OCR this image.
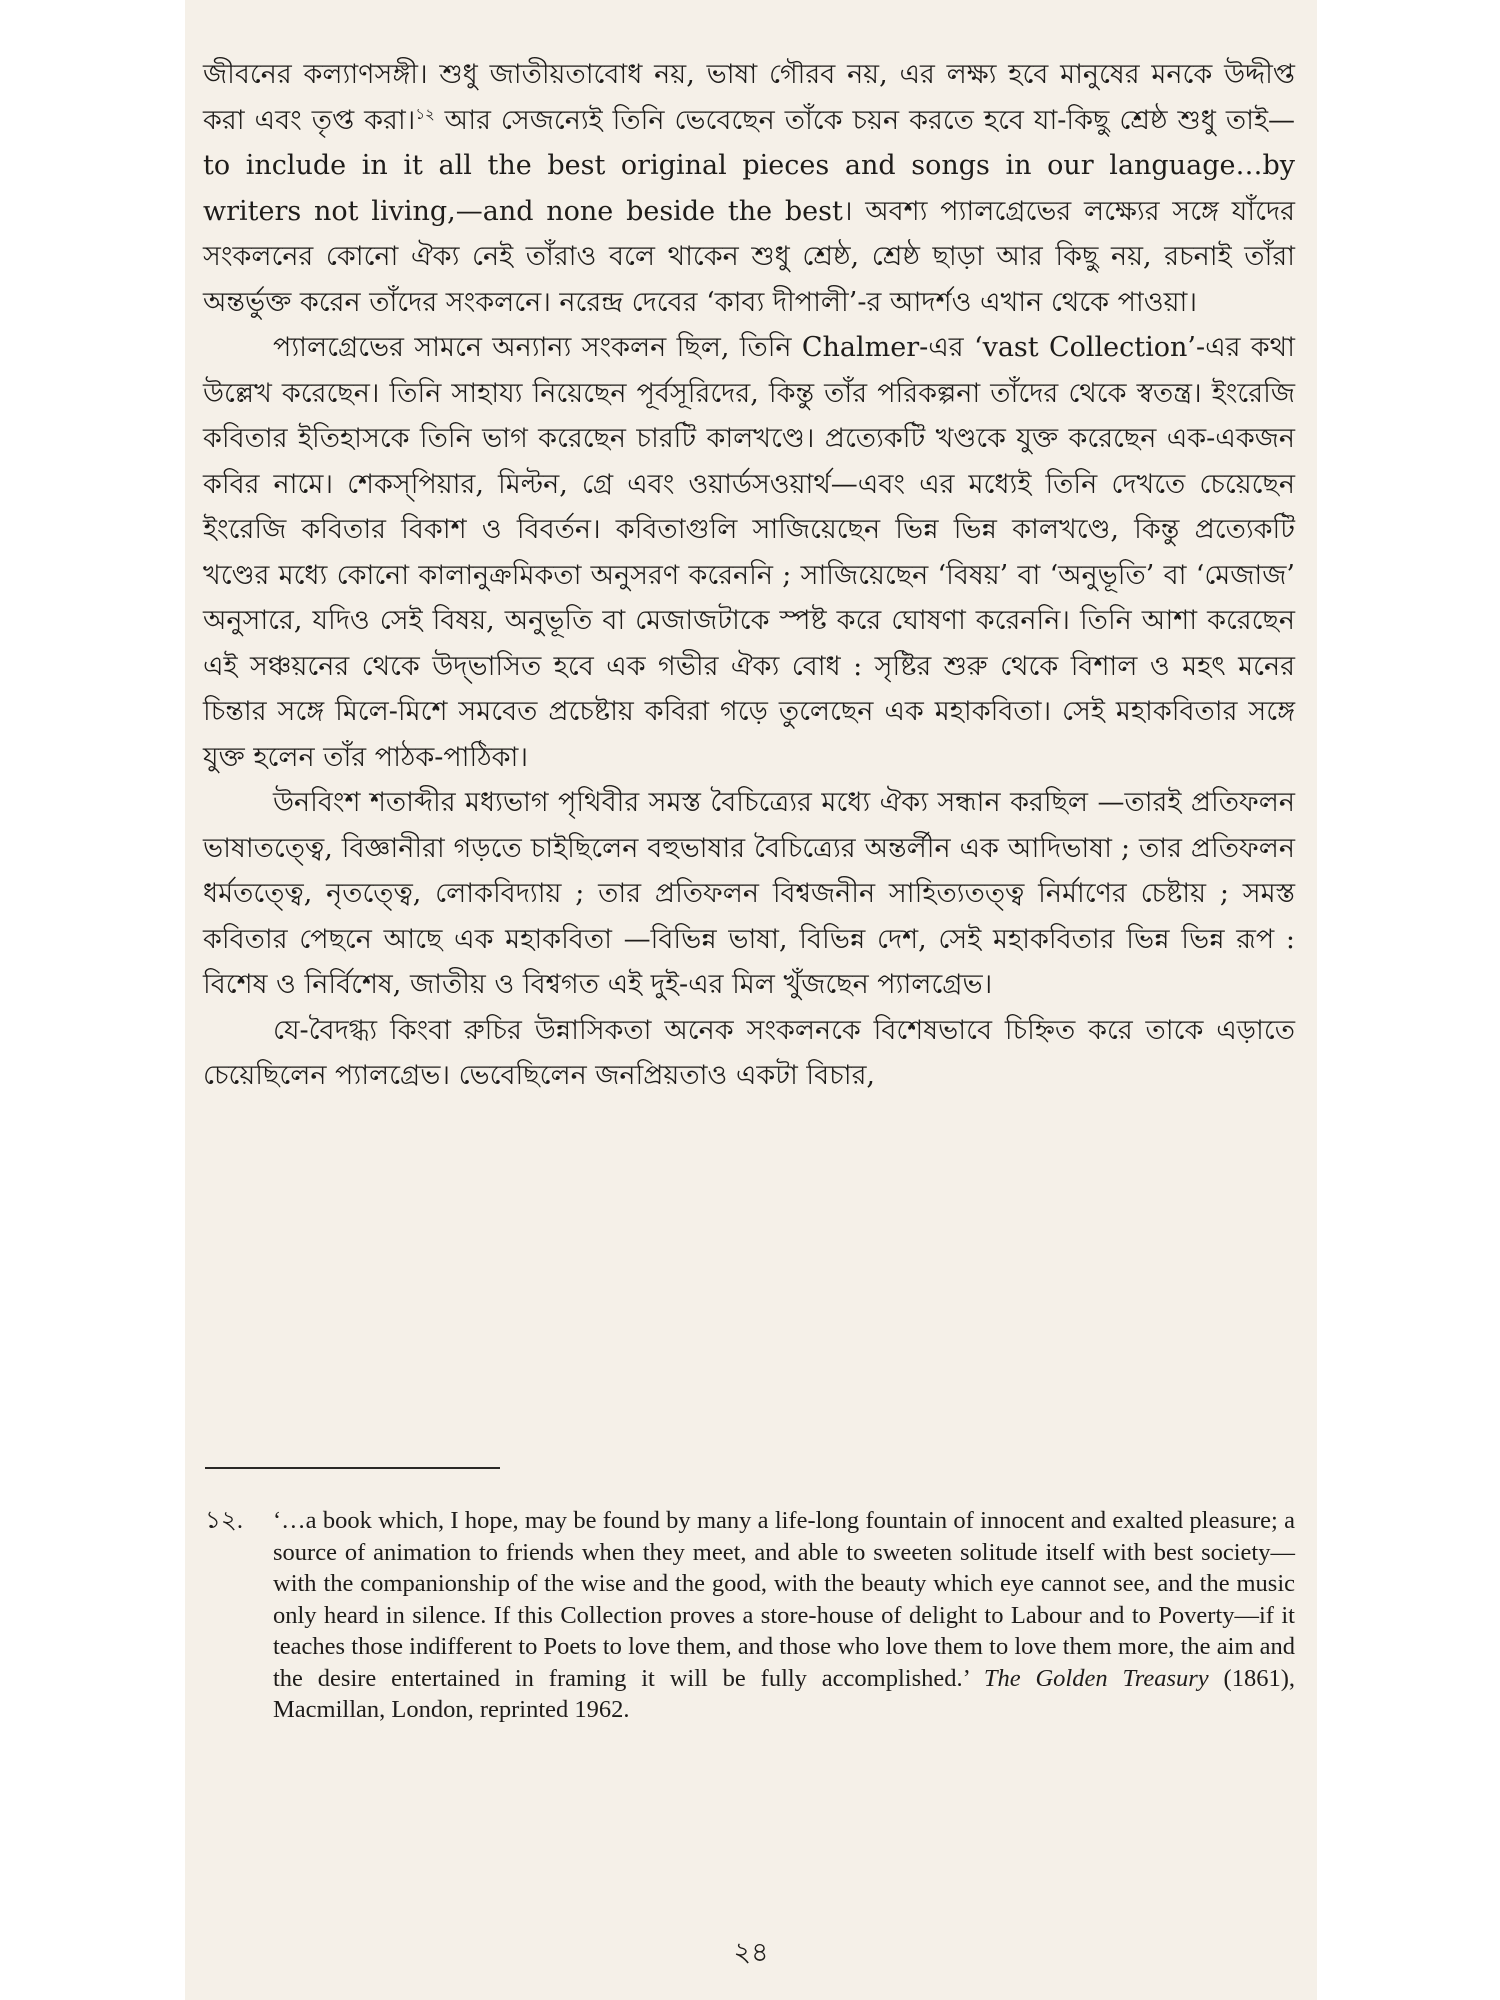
জীবনের কল্যাণসঙ্গী। শুধু জাতীয়তাবোধ নয়, ভাষা গৌরব নয়, এর লক্ষ্য হবে মানুষের মনকে উদ্দীপ্ত করা এবং তৃপ্ত করা।$^{১২}$ আর সেজন্যেই তিনি ভেবেছেন তাঁকে চয়ন করতে হবে যা-কিছু শ্রেষ্ঠ শুধু তাই—to include in it all the best original pieces and songs in our language…by writers not living,—and none beside the best। অবশ্য প্যালগ্রেভের লক্ষ্যের সঙ্গে যাঁদের সংকলনের কোনো ঐক্য নেই তাঁরাও বলে থাকেন শুধু শ্রেষ্ঠ, শ্রেষ্ঠ ছাড়া আর কিছু নয়, রচনাই তাঁরা অন্তর্ভুক্ত করেন তাঁদের সংকলনে। নরেন্দ্র দেবের ‘কাব্য দীপালী’-র আদর্শও এখান থেকে পাওয়া।

প্যালগ্রেভের সামনে অন্যান্য সংকলন ছিল, তিনি Chalmer-এর ‘vast Collection’-এর কথা উল্লেখ করেছেন। তিনি সাহায্য নিয়েছেন পূর্বসূরিদের, কিন্তু তাঁর পরিকল্পনা তাঁদের থেকে স্বতন্ত্র। ইংরেজি কবিতার ইতিহাসকে তিনি ভাগ করেছেন চারটি কালখণ্ডে। প্রত্যেকটি খণ্ডকে যুক্ত করেছেন এক-একজন কবির নামে। শেকস্‌পিয়ার, মিল্টন, গ্রে এবং ওয়ার্ডসওয়ার্থ—এবং এর মধ্যেই তিনি দেখতে চেয়েছেন ইংরেজি কবিতার বিকাশ ও বিবর্তন। কবিতাগুলি সাজিয়েছেন ভিন্ন ভিন্ন কালখণ্ডে, কিন্তু প্রত্যেকটি খণ্ডের মধ্যে কোনো কালানুক্রমিকতা অনুসরণ করেননি ; সাজিয়েছেন ‘বিষয়’ বা ‘অনুভূতি’ বা ‘মেজাজ’ অনুসারে, যদিও সেই বিষয়, অনুভূতি বা মেজাজটাকে স্পষ্ট করে ঘোষণা করেননি। তিনি আশা করেছেন এই সঞ্চয়নের থেকে উদ্‌ভাসিত হবে এক গভীর ঐক্য বোধ : সৃষ্টির শুরু থেকে বিশাল ও মহৎ মনের চিন্তার সঙ্গে মিলে-মিশে সমবেত প্রচেষ্টায় কবিরা গড়ে তুলেছেন এক মহাকবিতা। সেই মহাকবিতার সঙ্গে যুক্ত হলেন তাঁর পাঠক-পাঠিকা।

উনবিংশ শতাব্দীর মধ্যভাগ পৃথিবীর সমস্ত বৈচিত্র্যের মধ্যে ঐক্য সন্ধান করছিল —তারই প্রতিফলন ভাষাতত্ত্বে, বিজ্ঞানীরা গড়তে চাইছিলেন বহুভাষার বৈচিত্র্যের অন্তর্লীন এক আদিভাষা ; তার প্রতিফলন ধর্মতত্ত্বে, নৃতত্ত্বে, লোকবিদ্যায় ; তার প্রতিফলন বিশ্বজনীন সাহিত্যতত্ত্ব নির্মাণের চেষ্টায় ; সমস্ত কবিতার পেছনে আছে এক মহাকবিতা —বিভিন্ন ভাষা, বিভিন্ন দেশ, সেই মহাকবিতার ভিন্ন ভিন্ন রূপ : বিশেষ ও নির্বিশেষ, জাতীয় ও বিশ্বগত এই দুই-এর মিল খুঁজছেন প্যালগ্রেভ।

যে-বৈদগ্ধ্য কিংবা রুচির উন্নাসিকতা অনেক সংকলনকে বিশেষভাবে চিহ্নিত করে তাকে এড়াতে চেয়েছিলেন প্যালগ্রেভ। ভেবেছিলেন জনপ্রিয়তাও একটা বিচার,

১২.	‘…a book which, I hope, may be found by many a life-long fountain of innocent and exalted pleasure; a source of animation to friends when they meet, and able to sweeten solitude itself with best society—with the companionship of the wise and the good, with the beauty which eye cannot see, and the music only heard in silence. If this Collection proves a store-house of delight to Labour and to Poverty—if it teaches those indifferent to Poets to love them, and those who love them to love them more, the aim and the desire entertained in framing it will be fully accomplished.’ The Golden Treasury (1861), Macmillan, London, reprinted 1962.
২৪
